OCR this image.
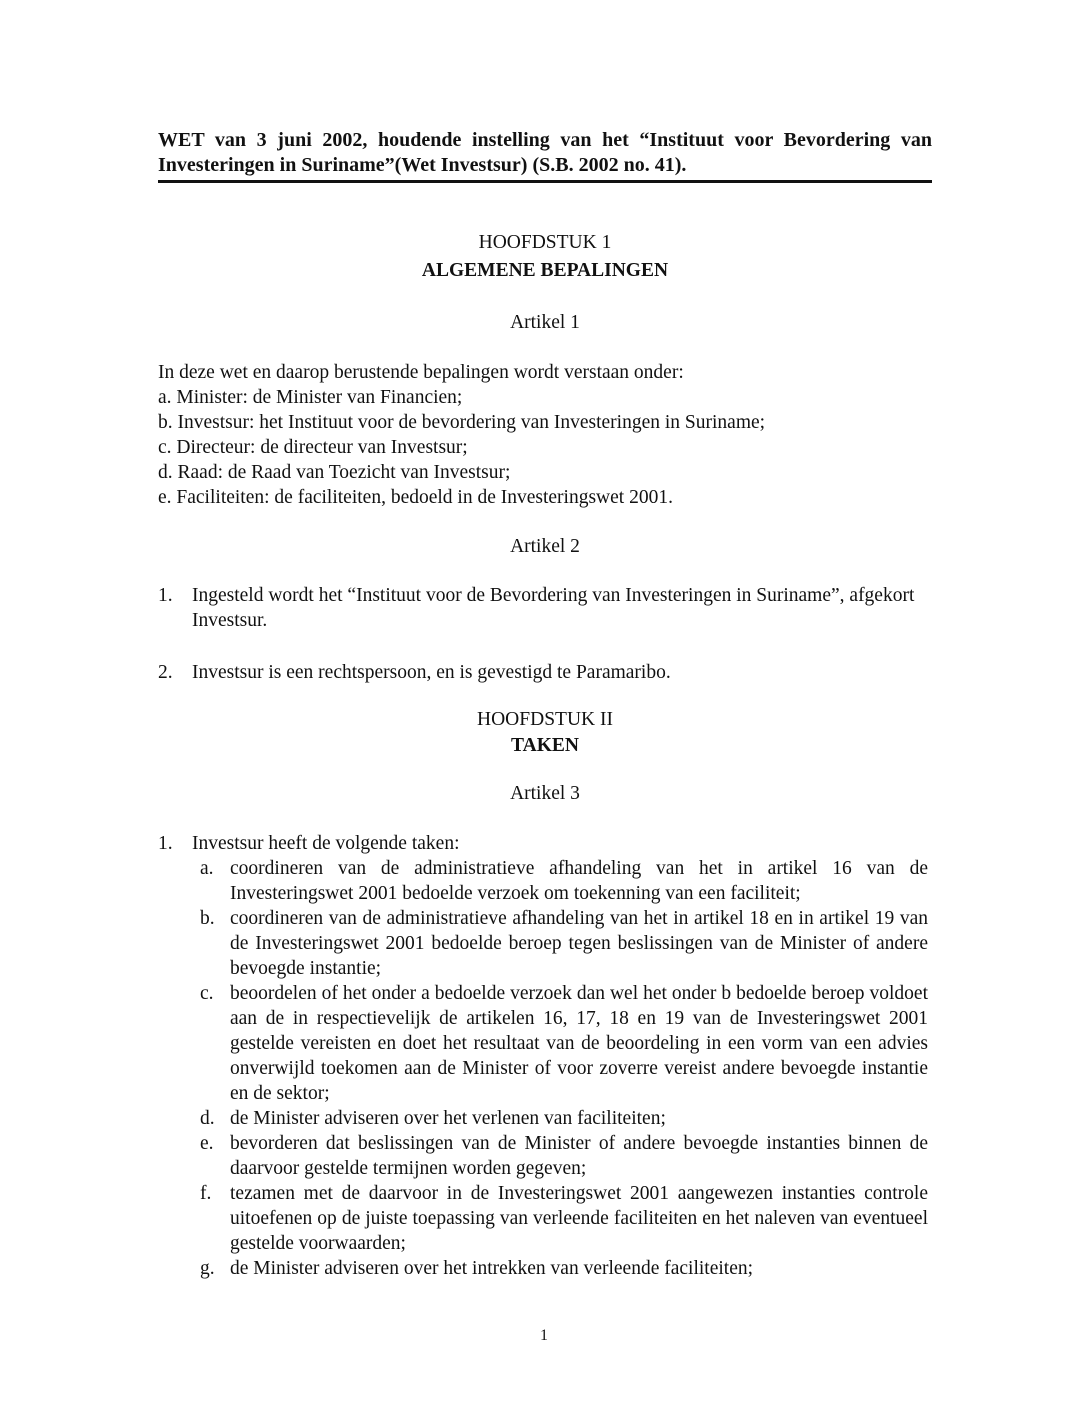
WET van 3 juni 2002, houdende instelling van het “Instituut voor Bevordering van Investeringen in Suriname”(Wet Investsur) (S.B. 2002 no. 41).
HOOFDSTUK 1
ALGEMENE BEPALINGEN
Artikel 1
In deze wet en daarop berustende bepalingen wordt verstaan onder:
a. Minister: de Minister van Financien;
b. Investsur: het Instituut voor de bevordering van Investeringen in Suriname;
c. Directeur: de directeur van Investsur;
d. Raad: de Raad van Toezicht van Investsur;
e. Faciliteiten: de faciliteiten, bedoeld in de Investeringswet 2001.
Artikel 2
1. Ingesteld wordt het “Instituut voor de Bevordering van Investeringen in Suriname”, afgekort Investsur.
2. Investsur is een rechtspersoon, en is gevestigd te Paramaribo.
HOOFDSTUK II
TAKEN
Artikel 3
1. Investsur heeft de volgende taken:
a. coordineren van de administratieve afhandeling van het in artikel 16 van de Investeringswet 2001 bedoelde verzoek om toekenning van een faciliteit;
b. coordineren van de administratieve afhandeling van het in artikel 18 en in artikel 19 van de Investeringswet 2001 bedoelde beroep tegen beslissingen van de Minister of andere bevoegde instantie;
c. beoordelen of het onder a bedoelde verzoek dan wel het onder b bedoelde beroep voldoet aan de in respectievelijk de artikelen 16, 17, 18 en 19 van de Investeringswet 2001 gestelde vereisten en doet het resultaat van de beoordeling in een vorm van een advies onverwijld toekomen aan de Minister of voor zoverre vereist andere bevoegde instantie en de sektor;
d. de Minister adviseren over het verlenen van faciliteiten;
e. bevorderen dat beslissingen van de Minister of andere bevoegde instanties binnen de daarvoor gestelde termijnen worden gegeven;
f. tezamen met de daarvoor in de Investeringswet 2001 aangewezen instanties controle uitoefenen op de juiste toepassing van verleende faciliteiten en het naleven van eventueel gestelde voorwaarden;
g. de Minister adviseren over het intrekken van verleende faciliteiten;
1
